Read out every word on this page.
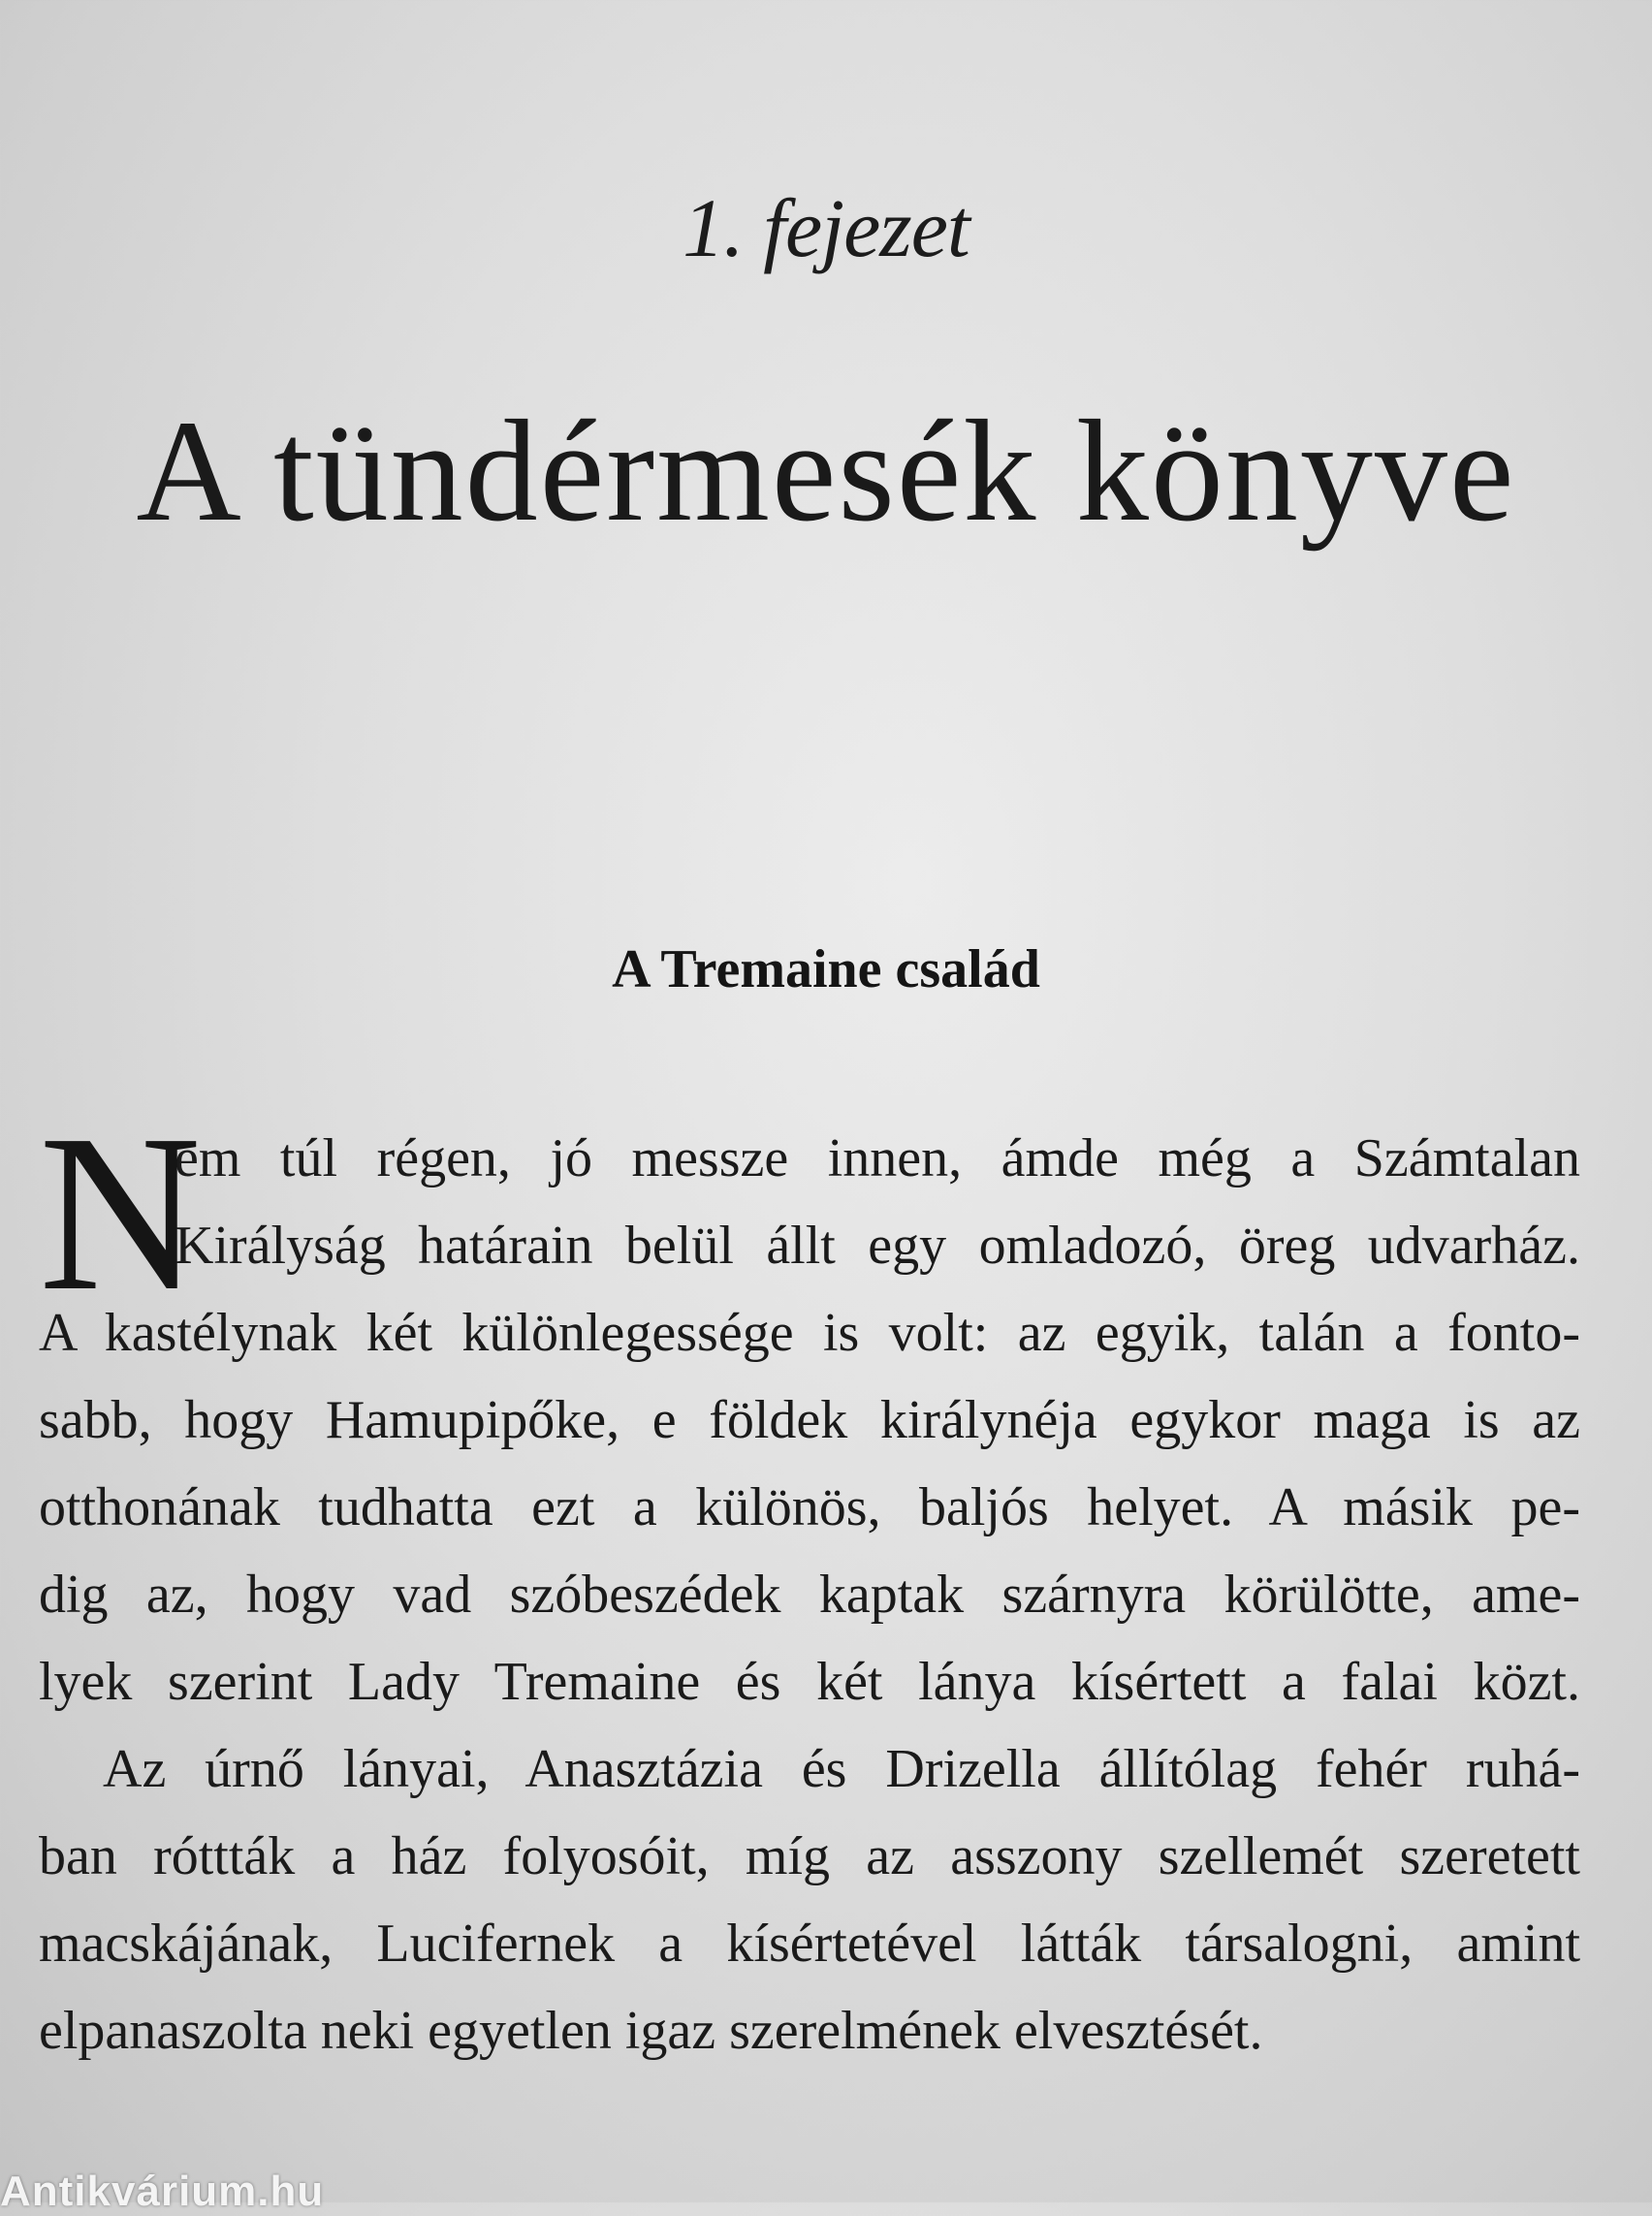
1. fejezet
A tündérmesék könyve
A Tremaine család
N
em túl régen, jó messze innen, ámde még a Számtalan
Királyság határain belül állt egy omladozó, öreg udvarház.
A kastélynak két különlegessége is volt: az egyik, talán a fonto-
sabb, hogy Hamupipőke, e földek királynéja egykor maga is az
otthonának tudhatta ezt a különös, baljós helyet. A másik pe-
dig az, hogy vad szóbeszédek kaptak szárnyra körülötte, ame-
lyek szerint Lady Tremaine és két lánya kísértett a falai közt.
Az úrnő lányai, Anasztázia és Drizella állítólag fehér ruhá-
ban róttták a ház folyosóit, míg az asszony szellemét szeretett
macskájának, Lucifernek a kísértetével látták társalogni, amint
elpanaszolta neki egyetlen igaz szerelmének elvesztését.
Antikvárium.hu
